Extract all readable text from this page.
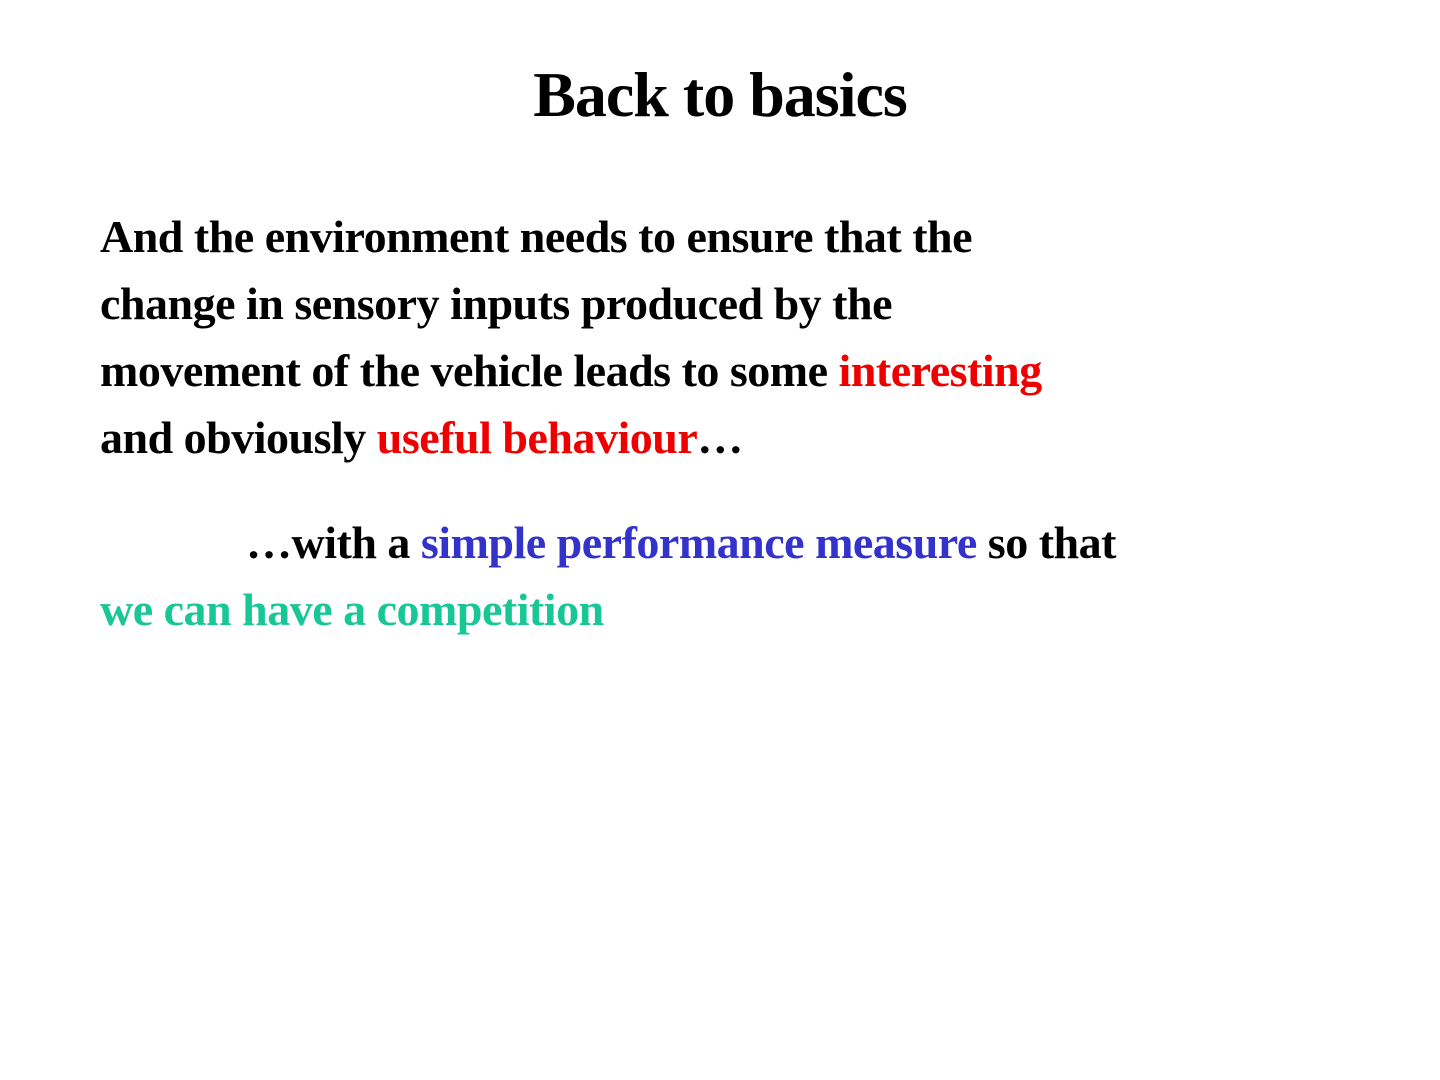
Back to basics
And the environment needs to ensure that the
change in sensory inputs produced by the
movement of the vehicle leads to some interesting
and obviously useful behaviour…
…with a simple performance measure so that
we can have a competition
